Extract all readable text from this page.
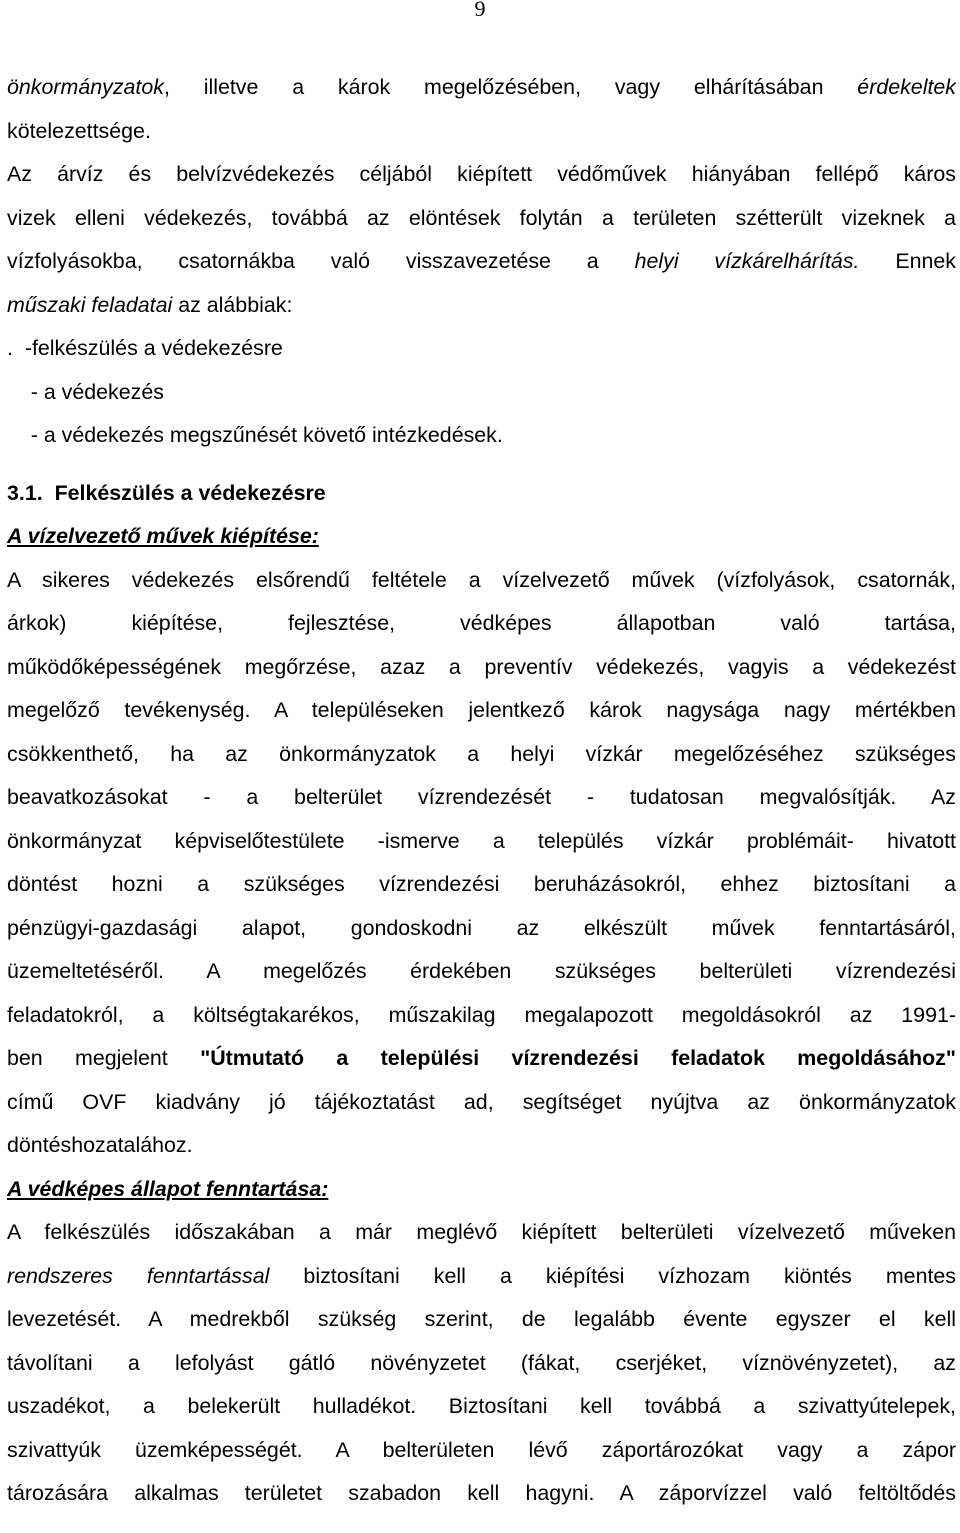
9
önkormányzatok, illetve a károk megelőzésében, vagy elhárításában érdekeltek
kötelezettsége.
Az árvíz és belvízvédekezés céljából kiépített védőművek hiányában fellépő káros
vizek elleni védekezés, továbbá az elöntések folytán a területen szétterült vizeknek a
vízfolyásokba, csatornákba való visszavezetése a helyi vízkárelhárítás. Ennek
műszaki feladatai az alábbiak:
.  -felkészülés a védekezésre
- a védekezés
- a védekezés megszűnését követő intézkedések.
3.1.  Felkészülés a védekezésre
A vízelvezető művek kiépítése:
A sikeres védekezés elsőrendű feltétele a vízelvezető művek (vízfolyások, csatornák,
árkok) kiépítése, fejlesztése, védképes állapotban való tartása,
működőképességének megőrzése, azaz a preventív védekezés, vagyis a védekezést
megelőző tevékenység. A településeken jelentkező károk nagysága nagy mértékben
csökkenthető, ha az önkormányzatok a helyi vízkár megelőzéséhez szükséges
beavatkozásokat - a belterület vízrendezését - tudatosan megvalósítják. Az
önkormányzat képviselőtestülete -ismerve a település vízkár problémáit- hivatott
döntést hozni a szükséges vízrendezési beruházásokról, ehhez biztosítani a
pénzügyi-gazdasági alapot, gondoskodni az elkészült művek fenntartásáról,
üzemeltetéséről. A megelőzés érdekében szükséges belterületi vízrendezési
feladatokról, a költségtakarékos, műszakilag megalapozott megoldásokról az 1991-
ben megjelent "Útmutató a települési vízrendezési feladatok megoldásához"
című OVF kiadvány jó tájékoztatást ad, segítséget nyújtva az önkormányzatok
döntéshozatalához.
A védképes állapot fenntartása:
A felkészülés időszakában a már meglévő kiépített belterületi vízelvezető műveken
rendszeres fenntartással biztosítani kell a kiépítési vízhozam kiöntés mentes
levezetését. A medrekből szükség szerint, de legalább évente egyszer el kell
távolítani a lefolyást gátló növényzetet (fákat, cserjéket, víznövényzetet), az
uszadékot, a belekerült hulladékot. Biztosítani kell továbbá a szivattyútelepek,
szivattyúk üzemképességét. A belterületen lévő záportározókat vagy a zápor
tározására alkalmas területet szabadon kell hagyni. A záporvízzel való feltöltődés
